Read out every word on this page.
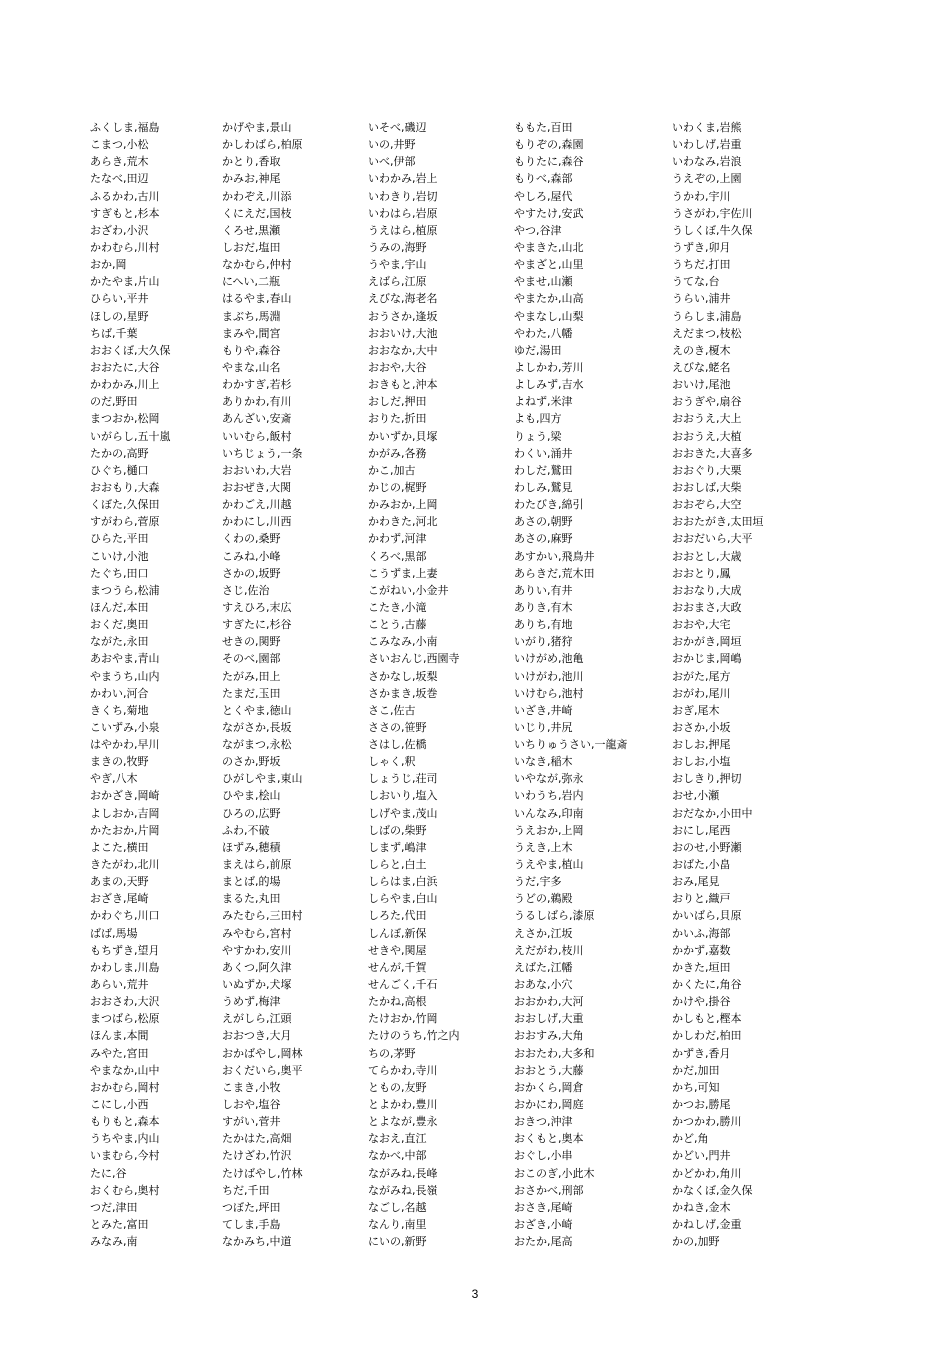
ふくしま,福島
こまつ,小松
あらき,荒木
たなべ,田辺
ふるかわ,古川
すぎもと,杉本
おざわ,小沢
かわむら,川村
おか,岡
かたやま,片山
ひらい,平井
ほしの,星野
ちば,千葉
おおくぼ,大久保
おおたに,大谷
かわかみ,川上
のだ,野田
まつおか,松岡
いがらし,五十嵐
たかの,高野
ひぐち,樋口
おおもり,大森
くぼた,久保田
すがわら,菅原
ひらた,平田
こいけ,小池
たぐち,田口
まつうら,松浦
ほんだ,本田
おくだ,奥田
ながた,永田
あおやま,青山
やまうち,山内
かわい,河合
きくち,菊地
こいずみ,小泉
はやかわ,早川
まきの,牧野
やぎ,八木
おかざき,岡崎
よしおか,吉岡
かたおか,片岡
よこた,横田
きたがわ,北川
あまの,天野
おざき,尾崎
かわぐち,川口
ばば,馬場
もちずき,望月
かわしま,川島
あらい,荒井
おおさわ,大沢
まつばら,松原
ほんま,本間
みやた,宮田
やまなか,山中
おかむら,岡村
こにし,小西
もりもと,森本
うちやま,内山
いまむら,今村
たに,谷
おくむら,奥村
つだ,津田
とみた,富田
みなみ,南
かげやま,景山
かしわばら,柏原
かとり,香取
かみお,神尾
かわぞえ,川添
くにえだ,国枝
くろせ,黒瀬
しおだ,塩田
なかむら,仲村
にへい,二瓶
はるやま,春山
まぶち,馬淵
まみや,間宮
もりや,森谷
やまな,山名
わかすぎ,若杉
ありかわ,有川
あんざい,安斎
いいむら,飯村
いちじょう,一条
おおいわ,大岩
おおぜき,大関
かわごえ,川越
かわにし,川西
くわの,桑野
こみね,小峰
さかの,坂野
さじ,佐治
すえひろ,末広
すぎたに,杉谷
せきの,関野
そのべ,園部
たがみ,田上
たまだ,玉田
とくやま,徳山
ながさか,長坂
ながまつ,永松
のさか,野坂
ひがしやま,東山
ひやま,桧山
ひろの,広野
ふわ,不破
ほずみ,穂積
まえはら,前原
まとば,的場
まるた,丸田
みたむら,三田村
みやむら,宮村
やすかわ,安川
あくつ,阿久津
いぬずか,犬塚
うめず,梅津
えがしら,江頭
おおつき,大月
おかばやし,岡林
おくだいら,奥平
こまき,小牧
しおや,塩谷
すがい,菅井
たかはた,高畑
たけざわ,竹沢
たけばやし,竹林
ちだ,千田
つぼた,坪田
てしま,手島
なかみち,中道
いそべ,磯辺
いの,井野
いべ,伊部
いわかみ,岩上
いわきり,岩切
いわはら,岩原
うえはら,植原
うみの,海野
うやま,宇山
えばら,江原
えびな,海老名
おうさか,逢坂
おおいけ,大池
おおなか,大中
おおや,大谷
おきもと,沖本
おしだ,押田
おりた,折田
かいずか,貝塚
かがみ,各務
かこ,加古
かじの,梶野
かみおか,上岡
かわきた,河北
かわず,河津
くろべ,黒部
こうずま,上妻
こがねい,小金井
こたき,小滝
ことう,古藤
こみなみ,小南
さいおんじ,西園寺
さかなし,坂梨
さかまき,坂巻
さこ,佐古
ささの,笹野
さはし,佐橋
しゃく,釈
しょうじ,荘司
しおいり,塩入
しげやま,茂山
しばの,柴野
しまず,嶋津
しらと,白土
しらはま,白浜
しらやま,白山
しろた,代田
しんぼ,新保
せきや,関屋
せんが,千賀
せんごく,千石
たかね,高根
たけおか,竹岡
たけのうち,竹之内
ちの,茅野
てらかわ,寺川
ともの,友野
とよかわ,豊川
とよなが,豊永
なおえ,直江
なかべ,中部
ながみね,長峰
ながみね,長嶺
なごし,名越
なんり,南里
にいの,新野
ももた,百田
もりぞの,森園
もりたに,森谷
もりべ,森部
やしろ,屋代
やすたけ,安武
やつ,谷津
やまきた,山北
やまざと,山里
やませ,山瀬
やまたか,山高
やまなし,山梨
やわた,八幡
ゆだ,湯田
よしかわ,芳川
よしみず,吉水
よねず,米津
よも,四方
りょう,梁
わくい,涌井
わしだ,鷲田
わしみ,鷲見
わたびき,綿引
あさの,朝野
あさの,麻野
あすかい,飛鳥井
あらきだ,荒木田
ありい,有井
ありき,有木
ありち,有地
いがり,猪狩
いけがめ,池亀
いけがわ,池川
いけむら,池村
いざき,井崎
いじり,井尻
いちりゅうさい,一龍斎
いなき,稲木
いやなが,弥永
いわうち,岩内
いんなみ,印南
うえおか,上岡
うえき,上木
うえやま,植山
うだ,宇多
うどの,鵜殿
うるしばら,漆原
えさか,江坂
えだがわ,枝川
えばた,江幡
おあな,小穴
おおかわ,大河
おおしげ,大重
おおすみ,大角
おおたわ,大多和
おおとう,大藤
おかくら,岡倉
おかにわ,岡庭
おきつ,沖津
おくもと,奥本
おぐし,小串
おこのぎ,小此木
おさかべ,刑部
おさき,尾崎
おざき,小崎
おたか,尾高
いわくま,岩熊
いわしげ,岩重
いわなみ,岩浪
うえぞの,上園
うかわ,宇川
うさがわ,宇佐川
うしくぼ,牛久保
うずき,卯月
うちだ,打田
うてな,台
うらい,浦井
うらしま,浦島
えだまつ,枝松
えのき,榎木
えびな,蛯名
おいけ,尾池
おうぎや,扇谷
おおうえ,大上
おおうえ,大植
おおきた,大喜多
おおぐり,大栗
おおしば,大柴
おおぞら,大空
おおたがき,太田垣
おおだいら,大平
おおとし,大歳
おおとり,鳳
おおなり,大成
おおまさ,大政
おおや,大宅
おかがき,岡垣
おかじま,岡嶋
おがた,尾方
おがわ,尾川
おぎ,尾木
おさか,小坂
おしお,押尾
おしお,小塩
おしきり,押切
おせ,小瀬
おだなか,小田中
おにし,尾西
おのせ,小野瀬
おばた,小畠
おみ,尾見
おりと,織戸
かいばら,貝原
かいふ,海部
かかず,嘉数
かきた,垣田
かくたに,角谷
かけや,掛谷
かしもと,樫本
かしわだ,柏田
かずき,香月
かだ,加田
かち,可知
かつお,勝尾
かつかわ,勝川
かど,角
かどい,門井
かどかわ,角川
かなくぼ,金久保
かねき,金木
かねしげ,金重
かの,加野
3
